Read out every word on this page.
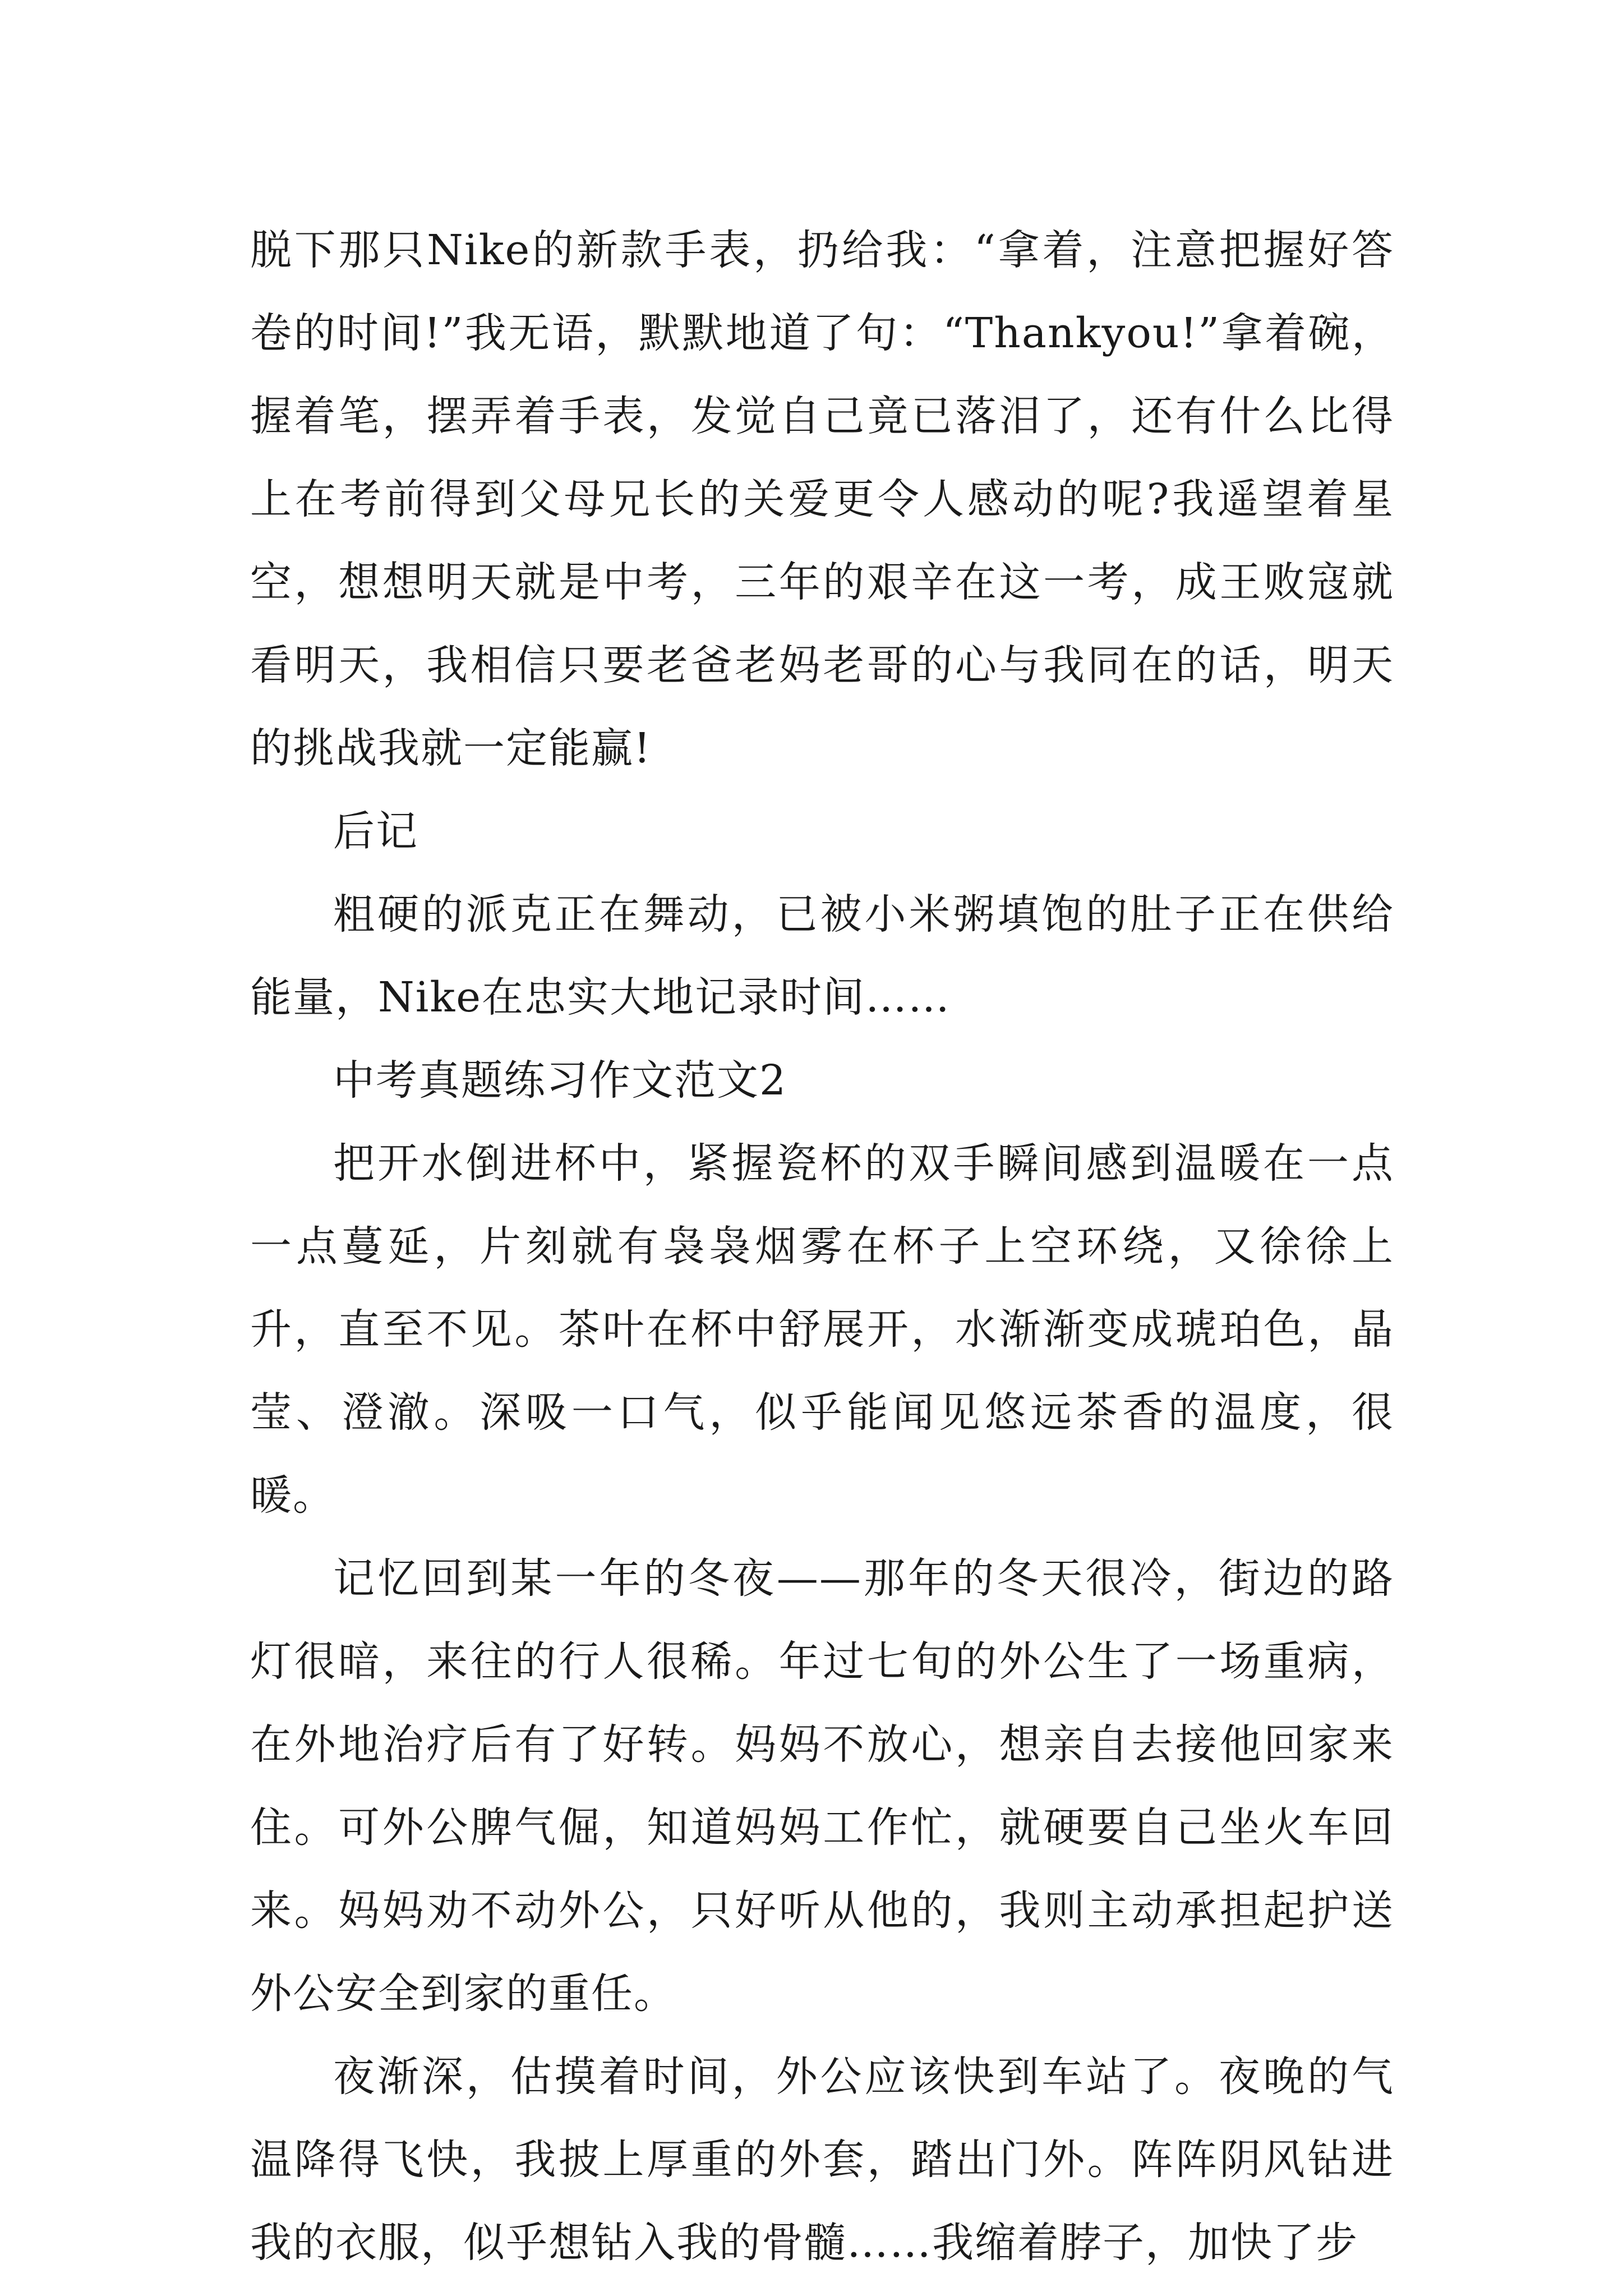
脱下那只Nike的新款手表，扔给我：“拿着，注意把握好答卷的时间!”我无语，默默地道了句：“Thankyou!”拿着碗，握着笔，摆弄着手表，发觉自己竟已落泪了，还有什么比得上在考前得到父母兄长的关爱更令人感动的呢?我遥望着星空，想想明天就是中考，三年的艰辛在这一考，成王败寇就看明天，我相信只要老爸老妈老哥的心与我同在的话，明天的挑战我就一定能赢!

后记

粗硬的派克正在舞动，已被小米粥填饱的肚子正在供给能量，Nike在忠实大地记录时间……

中考真题练习作文范文2

把开水倒进杯中，紧握瓷杯的双手瞬间感到温暖在一点一点蔓延，片刻就有袅袅烟雾在杯子上空环绕，又徐徐上升，直至不见。茶叶在杯中舒展开，水渐渐变成琥珀色，晶莹、澄澈。深吸一口气，似乎能闻见悠远茶香的温度，很暖。

记忆回到某一年的冬夜——那年的冬天很冷，街边的路灯很暗，来往的行人很稀。年过七旬的外公生了一场重病，在外地治疗后有了好转。妈妈不放心，想亲自去接他回家来住。可外公脾气倔，知道妈妈工作忙，就硬要自己坐火车回来。妈妈劝不动外公，只好听从他的，我则主动承担起护送外公安全到家的重任。

夜渐深，估摸着时间，外公应该快到车站了。夜晚的气温降得飞快，我披上厚重的外套，踏出门外。阵阵阴风钻进我的衣服，似乎想钻入我的骨髓……我缩着脖子，加快了步
